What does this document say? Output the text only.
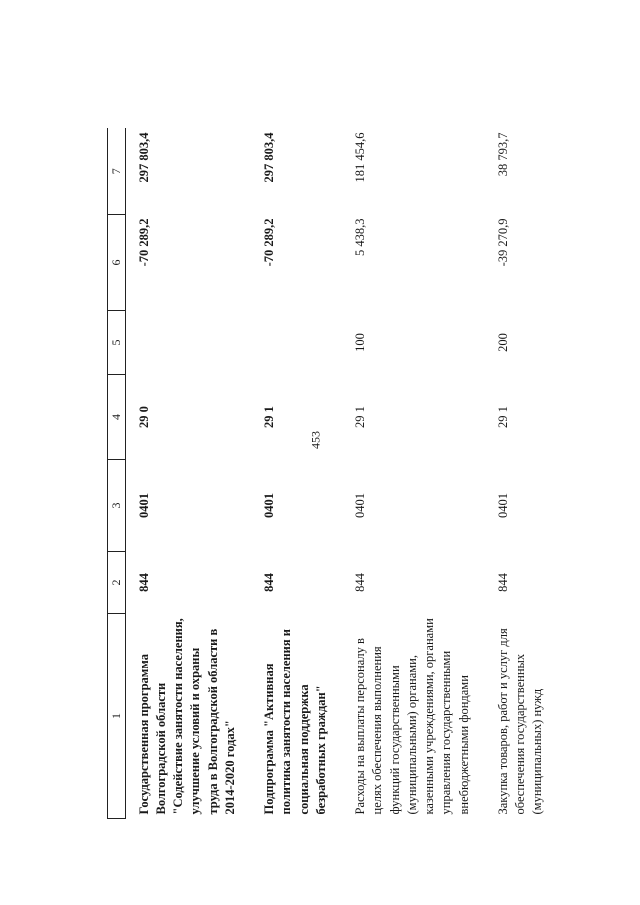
453
1	2	3	4	5	6	7
Государственная программа Волгоградской области "Содействие занятости населения, улучшение условий и охраны труда в Волгоградской области в 2014-2020 годах"	844	0401	29 0		-70 289,2	297 803,4
Подпрограмма "Активная политика занятости населения и социальная поддержка безработных граждан"	844	0401	29 1		-70 289,2	297 803,4
Расходы на выплаты персоналу в целях обеспечения выполнения функций государственными (муниципальными) органами, казенными учреждениями, органами управления государственными внебюджетными фондами	844	0401	29 1	100	5 438,3	181 454,6
Закупка товаров, работ и услуг для обеспечения государственных (муниципальных) нужд	844	0401	29 1	200	-39 270,9	38 793,7
